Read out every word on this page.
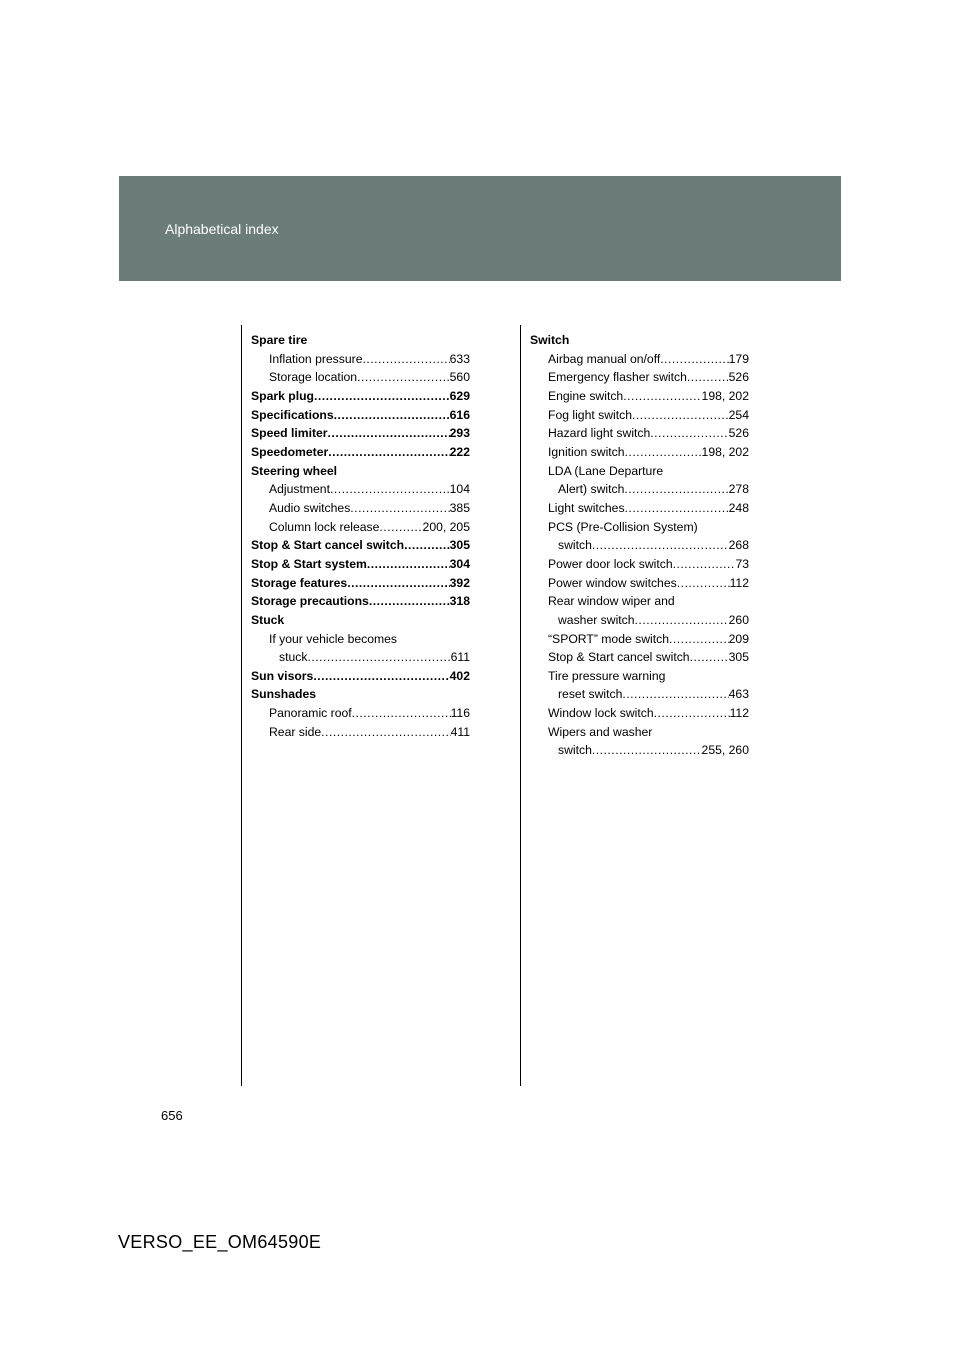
Alphabetical index
Spare tire
Inflation pressure .....	633
Storage location .....	560
Spark plug .....	629
Specifications .....	616
Speed limiter .....	293
Speedometer .....	222
Steering wheel
Adjustment .....	104
Audio switches .....	385
Column lock release .....	200, 205
Stop & Start cancel switch .....	305
Stop & Start system .....	304
Storage features .....	392
Storage precautions .....	318
Stuck
If your vehicle becomes
stuck .....	611
Sun visors .....	402
Sunshades
Panoramic roof .....	116
Rear side .....	411
Switch
Airbag manual on/off .....	179
Emergency flasher switch .....	526
Engine switch .....	198, 202
Fog light switch .....	254
Hazard light switch .....	526
Ignition switch .....	198, 202
LDA (Lane Departure
Alert) switch .....	278
Light switches .....	248
PCS (Pre-Collision System)
switch .....	268
Power door lock switch .....	73
Power window switches .....	112
Rear window wiper and
washer switch .....	260
“SPORT” mode switch .....	209
Stop & Start cancel switch .....	305
Tire pressure warning
reset switch .....	463
Window lock switch .....	112
Wipers and washer
switch .....	255, 260
656
VERSO_EE_OM64590E
